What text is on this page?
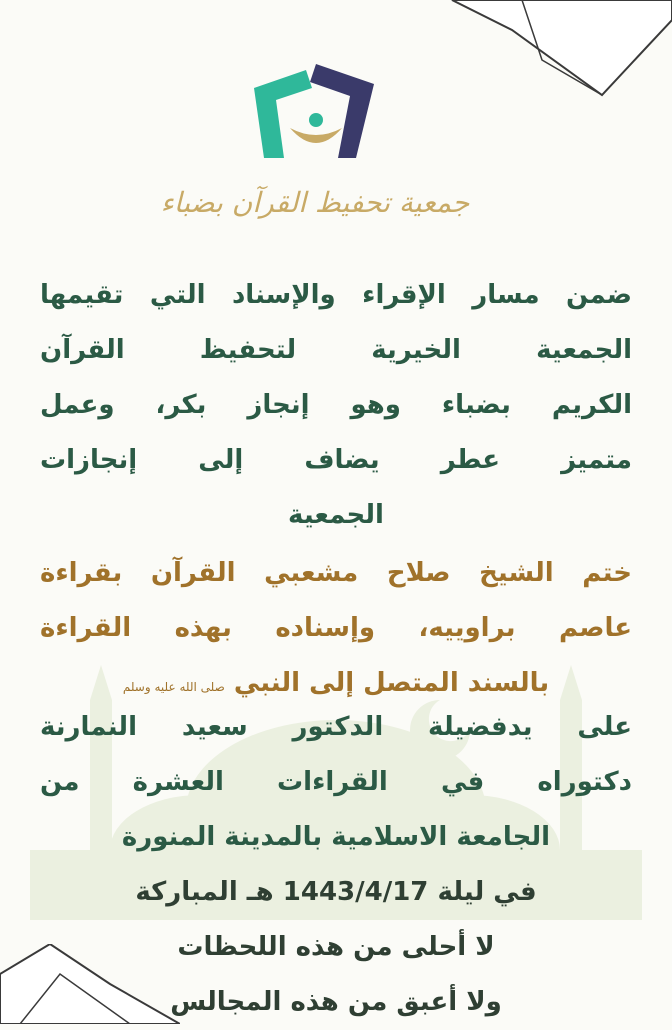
جمعية تحفيظ القرآن بضباء
ضمن مسار الإقراء والإسناد التي تقيمها
الجمعية الخيرية لتحفيظ القرآن
الكريم بضباء وهو إنجاز بكر، وعمل
متميز عطر يضاف إلى إنجازات
الجمعية
ختم الشيخ صلاح مشعبي القرآن بقراءة
عاصم براوييه، وإسناده بهذه القراءة
بالسند المتصل إلى النبي صلى الله عليه وسلم
على يدفضيلة الدكتور سعيد النمارنة
دكتوراه في القراءات العشرة من
الجامعة الاسلامية بالمدينة المنورة
في ليلة 1443/4/17 هـ المباركة
لا أحلى من هذه اللحظات
ولا أعبق من هذه المجالس
